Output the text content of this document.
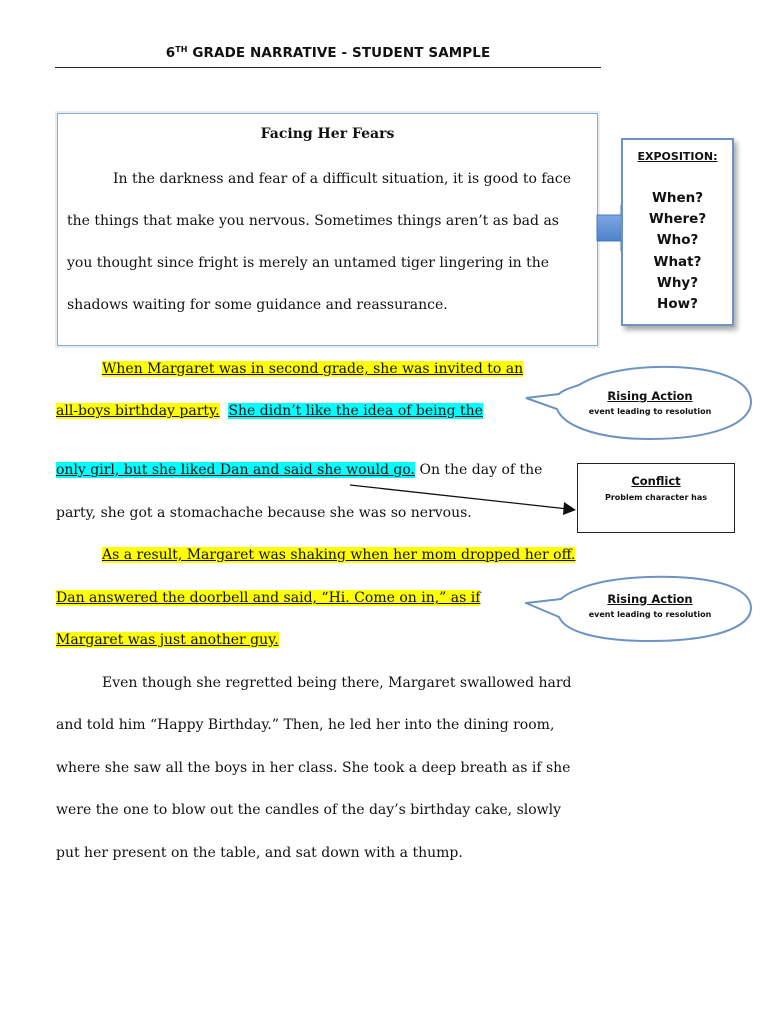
6TH GRADE NARRATIVE - STUDENT SAMPLE
Facing Her Fears
In the darkness and fear of a difficult situation, it is good to face
the things that make you nervous. Sometimes things aren’t as bad as
you thought since fright is merely an untamed tiger lingering in the
shadows waiting for some guidance and reassurance.
EXPOSITION:
When?
Where?
Who?
What?
Why?
How?
When Margaret was in second grade, she was invited to an
all-boys birthday party. She didn’t like the idea of being the
only girl, but she liked Dan and said she would go. On the day of the
party, she got a stomachache because she was so nervous.
As a result, Margaret was shaking when her mom dropped her off.
Dan answered the doorbell and said, “Hi. Come on in,” as if
Margaret was just another guy.
Even though she regretted being there, Margaret swallowed hard
and told him “Happy Birthday.” Then, he led her into the dining room,
where she saw all the boys in her class. She took a deep breath as if she
were the one to blow out the candles of the day’s birthday cake, slowly
put her present on the table, and sat down with a thump.
Rising Action
event leading to resolution
Conflict
Problem character has
Rising Action
event leading to resolution
